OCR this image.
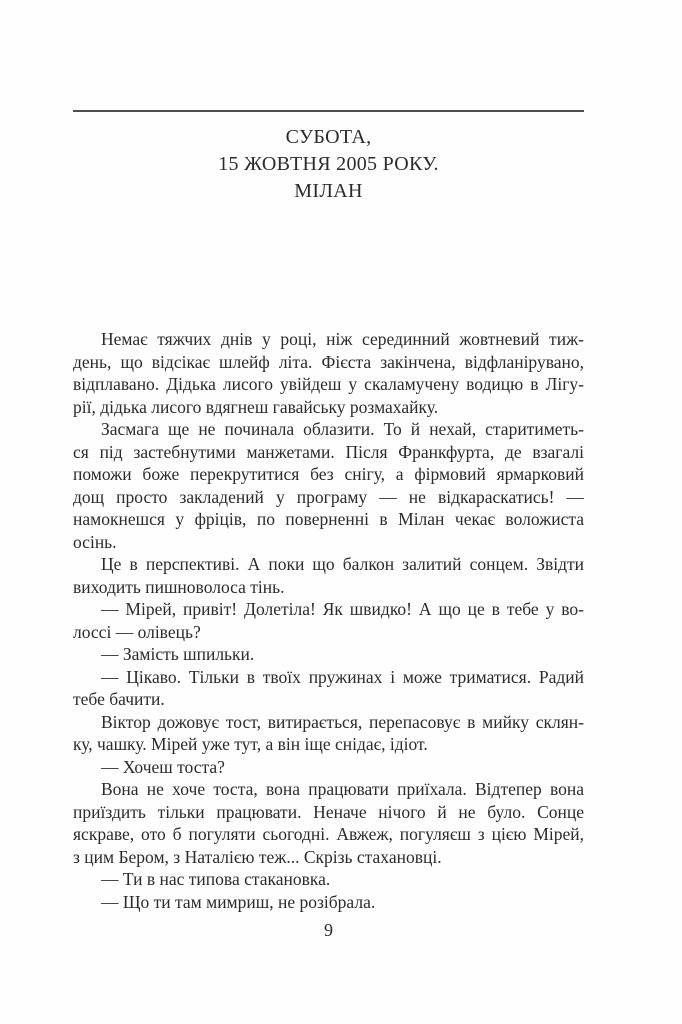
СУБОТА,
15 ЖОВТНЯ 2005 РОКУ.
МІЛАН

Немає тяжчих днів у році, ніж серединний жовтневий тиж-
день, що відсікає шлейф літа. Фієста закінчена, відфланірувано,
відплавано. Дідька лисого увійдеш у скаламучену водицю в Лігу-
рії, дідька лисого вдягнеш гавайську розмахайку.

Засмага ще не починала облазити. То й нехай, старитиметь-
ся під застебнутими манжетами. Після Франкфурта, де взагалі
поможи боже перекрутитися без снігу, а фірмовий ярмарковий
дощ просто закладений у програму — не відкараскатись! —
намокнешся у фріців, по поверненні в Мілан чекає воложиста
осінь.

Це в перспективі. А поки що балкон залитий сонцем. Звідти
виходить пишноволоса тінь.

— Мірей, привіт! Долетіла! Як швидко! А що це в тебе у во-
лоссі — олівець?

— Замість шпильки.

— Цікаво. Тільки в твоїх пружинах і може триматися. Радий
тебе бачити.

Віктор дожовує тост, витирається, перепасовує в мийку склян-
ку, чашку. Мірей уже тут, а він іще снідає, ідіот.

— Хочеш тоста?

Вона не хоче тоста, вона працювати приїхала. Відтепер вона
приїздить тільки працювати. Неначе нічого й не було. Сонце
яскраве, ото б погуляти сьогодні. Авжеж, погуляєш з цією Мірей,
з цим Бером, з Наталією теж... Скрізь стахановці.

— Ти в нас типова стакановка.

— Що ти там мимриш, не розібрала.

9
